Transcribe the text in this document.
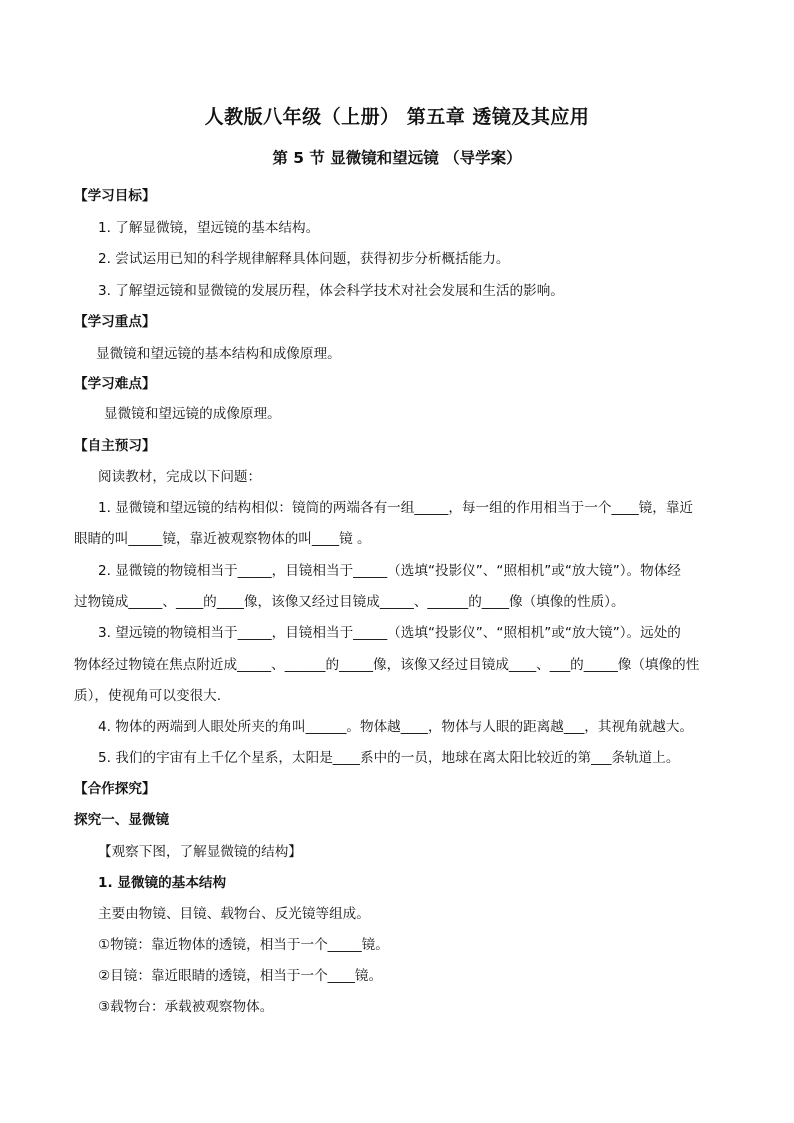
人教版八年级（上册） 第五章 透镜及其应用
第 5 节 显微镜和望远镜 （导学案）
【学习目标】
1. 了解显微镜，望远镜的基本结构。
2. 尝试运用已知的科学规律解释具体问题，获得初步分析概括能力。
3. 了解望远镜和显微镜的发展历程，体会科学技术对社会发展和生活的影响。
【学习重点】
显微镜和望远镜的基本结构和成像原理。
【学习难点】
显微镜和望远镜的成像原理。
【自主预习】
阅读教材，完成以下问题：
1. 显微镜和望远镜的结构相似：镜筒的两端各有一组_____，每一组的作用相当于一个____镜，靠近
眼睛的叫_____镜，靠近被观察物体的叫____镜 。
2. 显微镜的物镜相当于_____，目镜相当于_____（选填“投影仪”、“照相机”或“放大镜”）。物体经
过物镜成_____、____的____像，该像又经过目镜成_____、______的____像（填像的性质）。
3. 望远镜的物镜相当于_____，目镜相当于_____（选填“投影仪”、“照相机”或“放大镜”）。远处的
物体经过物镜在焦点附近成_____、______的_____像，该像又经过目镜成____、___的_____像（填像的性
质），使视角可以变很大.
4. 物体的两端到人眼处所夹的角叫______。物体越____，物体与人眼的距离越___，其视角就越大。
5. 我们的宇宙有上千亿个星系，太阳是____系中的一员，地球在离太阳比较近的第___条轨道上。
【合作探究】
探究一、显微镜
【观察下图，了解显微镜的结构】
1. 显微镜的基本结构
主要由物镜、目镜、载物台、反光镜等组成。
①物镜：靠近物体的透镜，相当于一个_____镜。
②目镜：靠近眼睛的透镜，相当于一个____镜。
③载物台：承载被观察物体。
